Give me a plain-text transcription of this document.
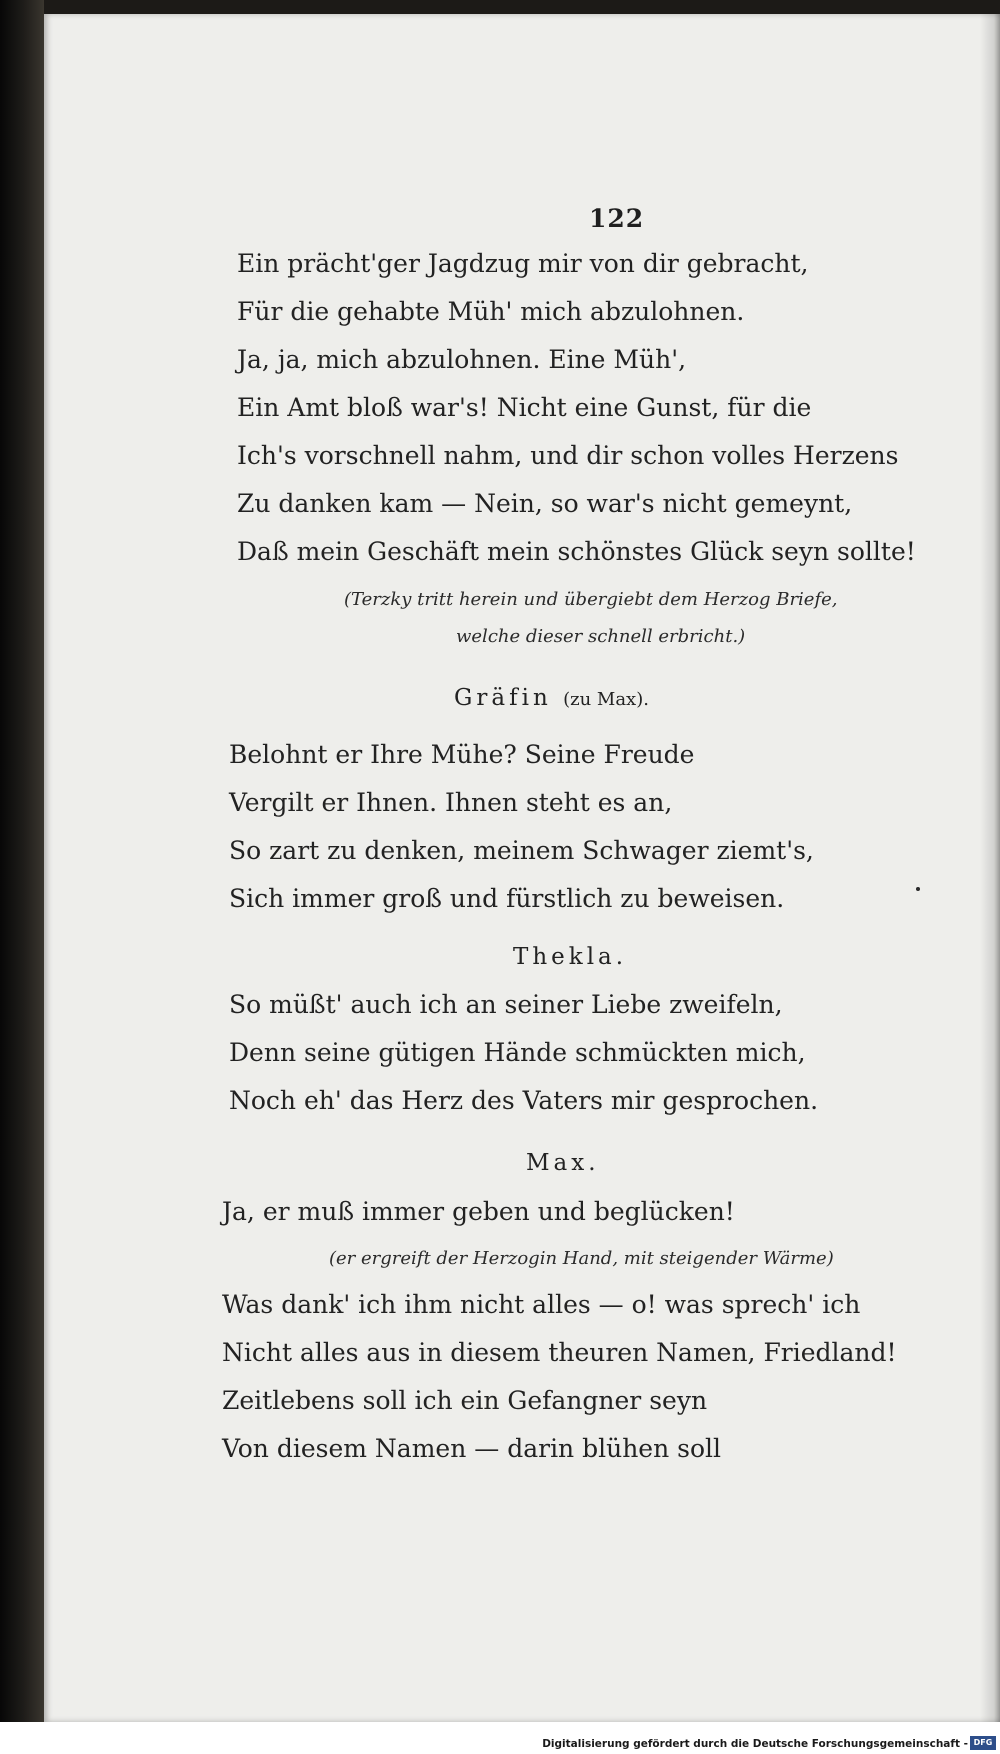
122
Ein prächt'ger Jagdzug mir von dir gebracht,
Für die gehabte Müh' mich abzulohnen.
Ja, ja, mich abzulohnen. Eine Müh',
Ein Amt bloß war's! Nicht eine Gunst, für die
Ich's vorschnell nahm, und dir schon volles Herzens
Zu danken kam — Nein, so war's nicht gemeynt,
Daß mein Geschäft mein schönstes Glück seyn sollte!
(Terzky tritt herein und übergiebt dem Herzog Briefe,
welche dieser schnell erbricht.)
Gräfin (zu Max).
Belohnt er Ihre Mühe? Seine Freude
Vergilt er Ihnen. Ihnen steht es an,
So zart zu denken, meinem Schwager ziemt's,
Sich immer groß und fürstlich zu beweisen.
Thekla.
So müßt' auch ich an seiner Liebe zweifeln,
Denn seine gütigen Hände schmückten mich,
Noch eh' das Herz des Vaters mir gesprochen.
Max.
Ja, er muß immer geben und beglücken!
(er ergreift der Herzogin Hand, mit steigender Wärme)
Was dank' ich ihm nicht alles — o! was sprech' ich
Nicht alles aus in diesem theuren Namen, Friedland!
Zeitlebens soll ich ein Gefangner seyn
Von diesem Namen — darin blühen soll
Digitalisierung gefördert durch die Deutsche Forschungsgemeinschaft - DFG
